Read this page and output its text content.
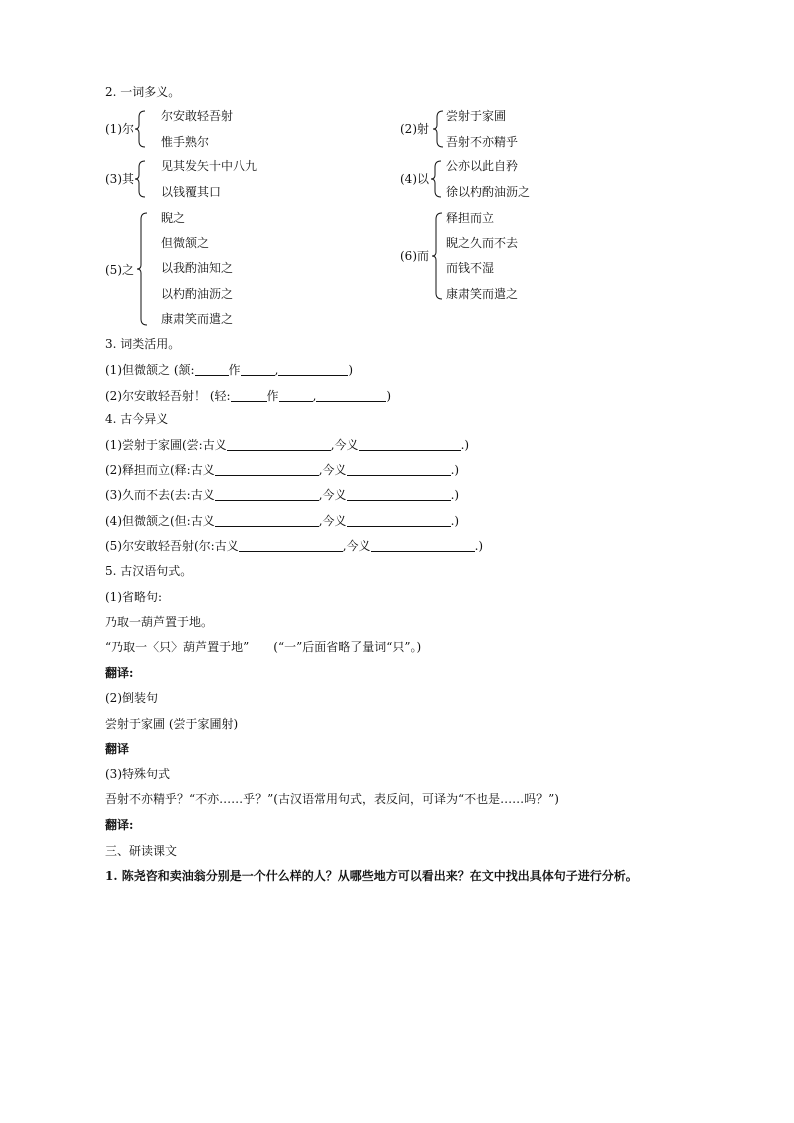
2. 一词多义。
(1)尔
尔安敢轻吾射
惟手熟尔
(2)射
尝射于家圃
吾射不亦精乎
(3)其
见其发矢十中八九
以钱覆其口
(4)以
公亦以此自矜
徐以杓酌油沥之
(5)之
睨之
但微颔之
以我酌油知之
以杓酌油沥之
康肃笑而遣之
(6)而
释担而立
睨之久而不去
而钱不湿
康肃笑而遣之
3. 词类活用。
(1)但微颔之 (颔:	作	,	)
(2)尔安敢轻吾射！ (轻:	作	,	)
4. 古今异义
(1)尝射于家圃(尝:古义	,今义	.)
(2)释担而立(释:古义	,今义	.)
(3)久而不去(去:古义	,今义	.)
(4)但微颔之(但:古义	,今义	.)
(5)尔安敢轻吾射(尔:古义	,今义	.)
5. 古汉语句式。
(1)省略句:
乃取一葫芦置于地。
“乃取一〈只〉葫芦置于地”　　(“一”后面省略了量词“只”。)
翻译:
(2)倒装句
尝射于家圃 (尝于家圃射)
翻译
(3)特殊句式
吾射不亦精乎？“不亦……乎？”(古汉语常用句式，表反问，可译为“不也是……吗？”)
翻译:
三、研读课文
1. 陈尧咨和卖油翁分别是一个什么样的人？从哪些地方可以看出来？在文中找出具体句子进行分析。
